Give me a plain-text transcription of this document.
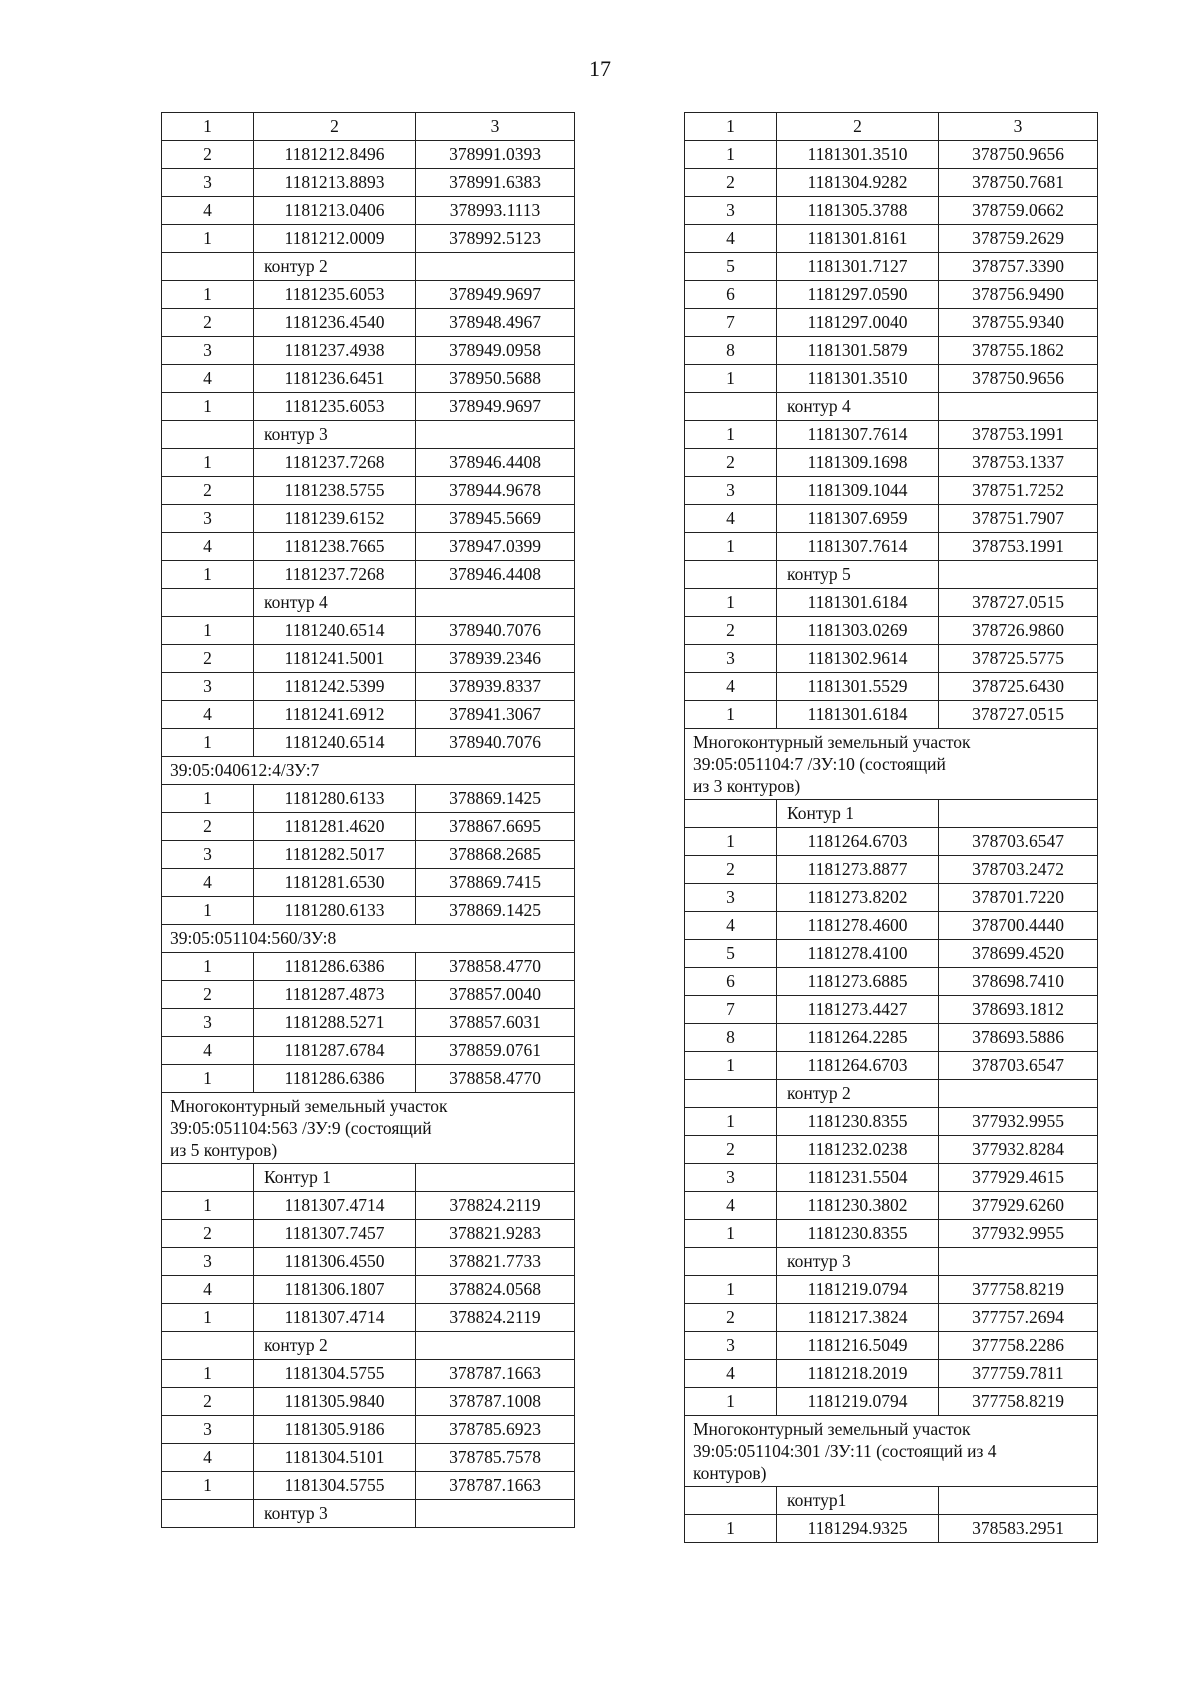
17
1	2	3
2	1181212.8496	378991.0393
3	1181213.8893	378991.6383
4	1181213.0406	378993.1113
1	1181212.0009	378992.5123
	контур 2	
1	1181235.6053	378949.9697
2	1181236.4540	378948.4967
3	1181237.4938	378949.0958
4	1181236.6451	378950.5688
1	1181235.6053	378949.9697
	контур 3	
1	1181237.7268	378946.4408
2	1181238.5755	378944.9678
3	1181239.6152	378945.5669
4	1181238.7665	378947.0399
1	1181237.7268	378946.4408
	контур 4	
1	1181240.6514	378940.7076
2	1181241.5001	378939.2346
3	1181242.5399	378939.8337
4	1181241.6912	378941.3067
1	1181240.6514	378940.7076
39:05:040612:4/ЗУ:7		
1	1181280.6133	378869.1425
2	1181281.4620	378867.6695
3	1181282.5017	378868.2685
4	1181281.6530	378869.7415
1	1181280.6133	378869.1425
39:05:051104:560/ЗУ:8		
1	1181286.6386	378858.4770
2	1181287.4873	378857.0040
3	1181288.5271	378857.6031
4	1181287.6784	378859.0761
1	1181286.6386	378858.4770

Многоконтурный земельный участок
39:05:051104:563 /ЗУ:9 (состоящий
из 5 контуров)		

	Контур 1	
1	1181307.4714	378824.2119
2	1181307.7457	378821.9283
3	1181306.4550	378821.7733
4	1181306.1807	378824.0568
1	1181307.4714	378824.2119
	контур 2	
1	1181304.5755	378787.1663
2	1181305.9840	378787.1008
3	1181305.9186	378785.6923
4	1181304.5101	378785.7578
1	1181304.5755	378787.1663
	контур 3	
1	2	3
1	1181301.3510	378750.9656
2	1181304.9282	378750.7681
3	1181305.3788	378759.0662
4	1181301.8161	378759.2629
5	1181301.7127	378757.3390
6	1181297.0590	378756.9490
7	1181297.0040	378755.9340
8	1181301.5879	378755.1862
1	1181301.3510	378750.9656
	контур 4	
1	1181307.7614	378753.1991
2	1181309.1698	378753.1337
3	1181309.1044	378751.7252
4	1181307.6959	378751.7907
1	1181307.7614	378753.1991
	контур 5	
1	1181301.6184	378727.0515
2	1181303.0269	378726.9860
3	1181302.9614	378725.5775
4	1181301.5529	378725.6430
1	1181301.6184	378727.0515

Многоконтурный земельный участок
39:05:051104:7 /ЗУ:10 (состоящий
из 3 контуров)		

	Контур 1	
1	1181264.6703	378703.6547
2	1181273.8877	378703.2472
3	1181273.8202	378701.7220
4	1181278.4600	378700.4440
5	1181278.4100	378699.4520
6	1181273.6885	378698.7410
7	1181273.4427	378693.1812
8	1181264.2285	378693.5886
1	1181264.6703	378703.6547
	контур 2	
1	1181230.8355	377932.9955
2	1181232.0238	377932.8284
3	1181231.5504	377929.4615
4	1181230.3802	377929.6260
1	1181230.8355	377932.9955
	контур 3	
1	1181219.0794	377758.8219
2	1181217.3824	377757.2694
3	1181216.5049	377758.2286
4	1181218.2019	377759.7811
1	1181219.0794	377758.8219

Многоконтурный земельный участок
39:05:051104:301 /ЗУ:11 (состоящий из 4
контуров)		

	контур1	
1	1181294.9325	378583.2951
